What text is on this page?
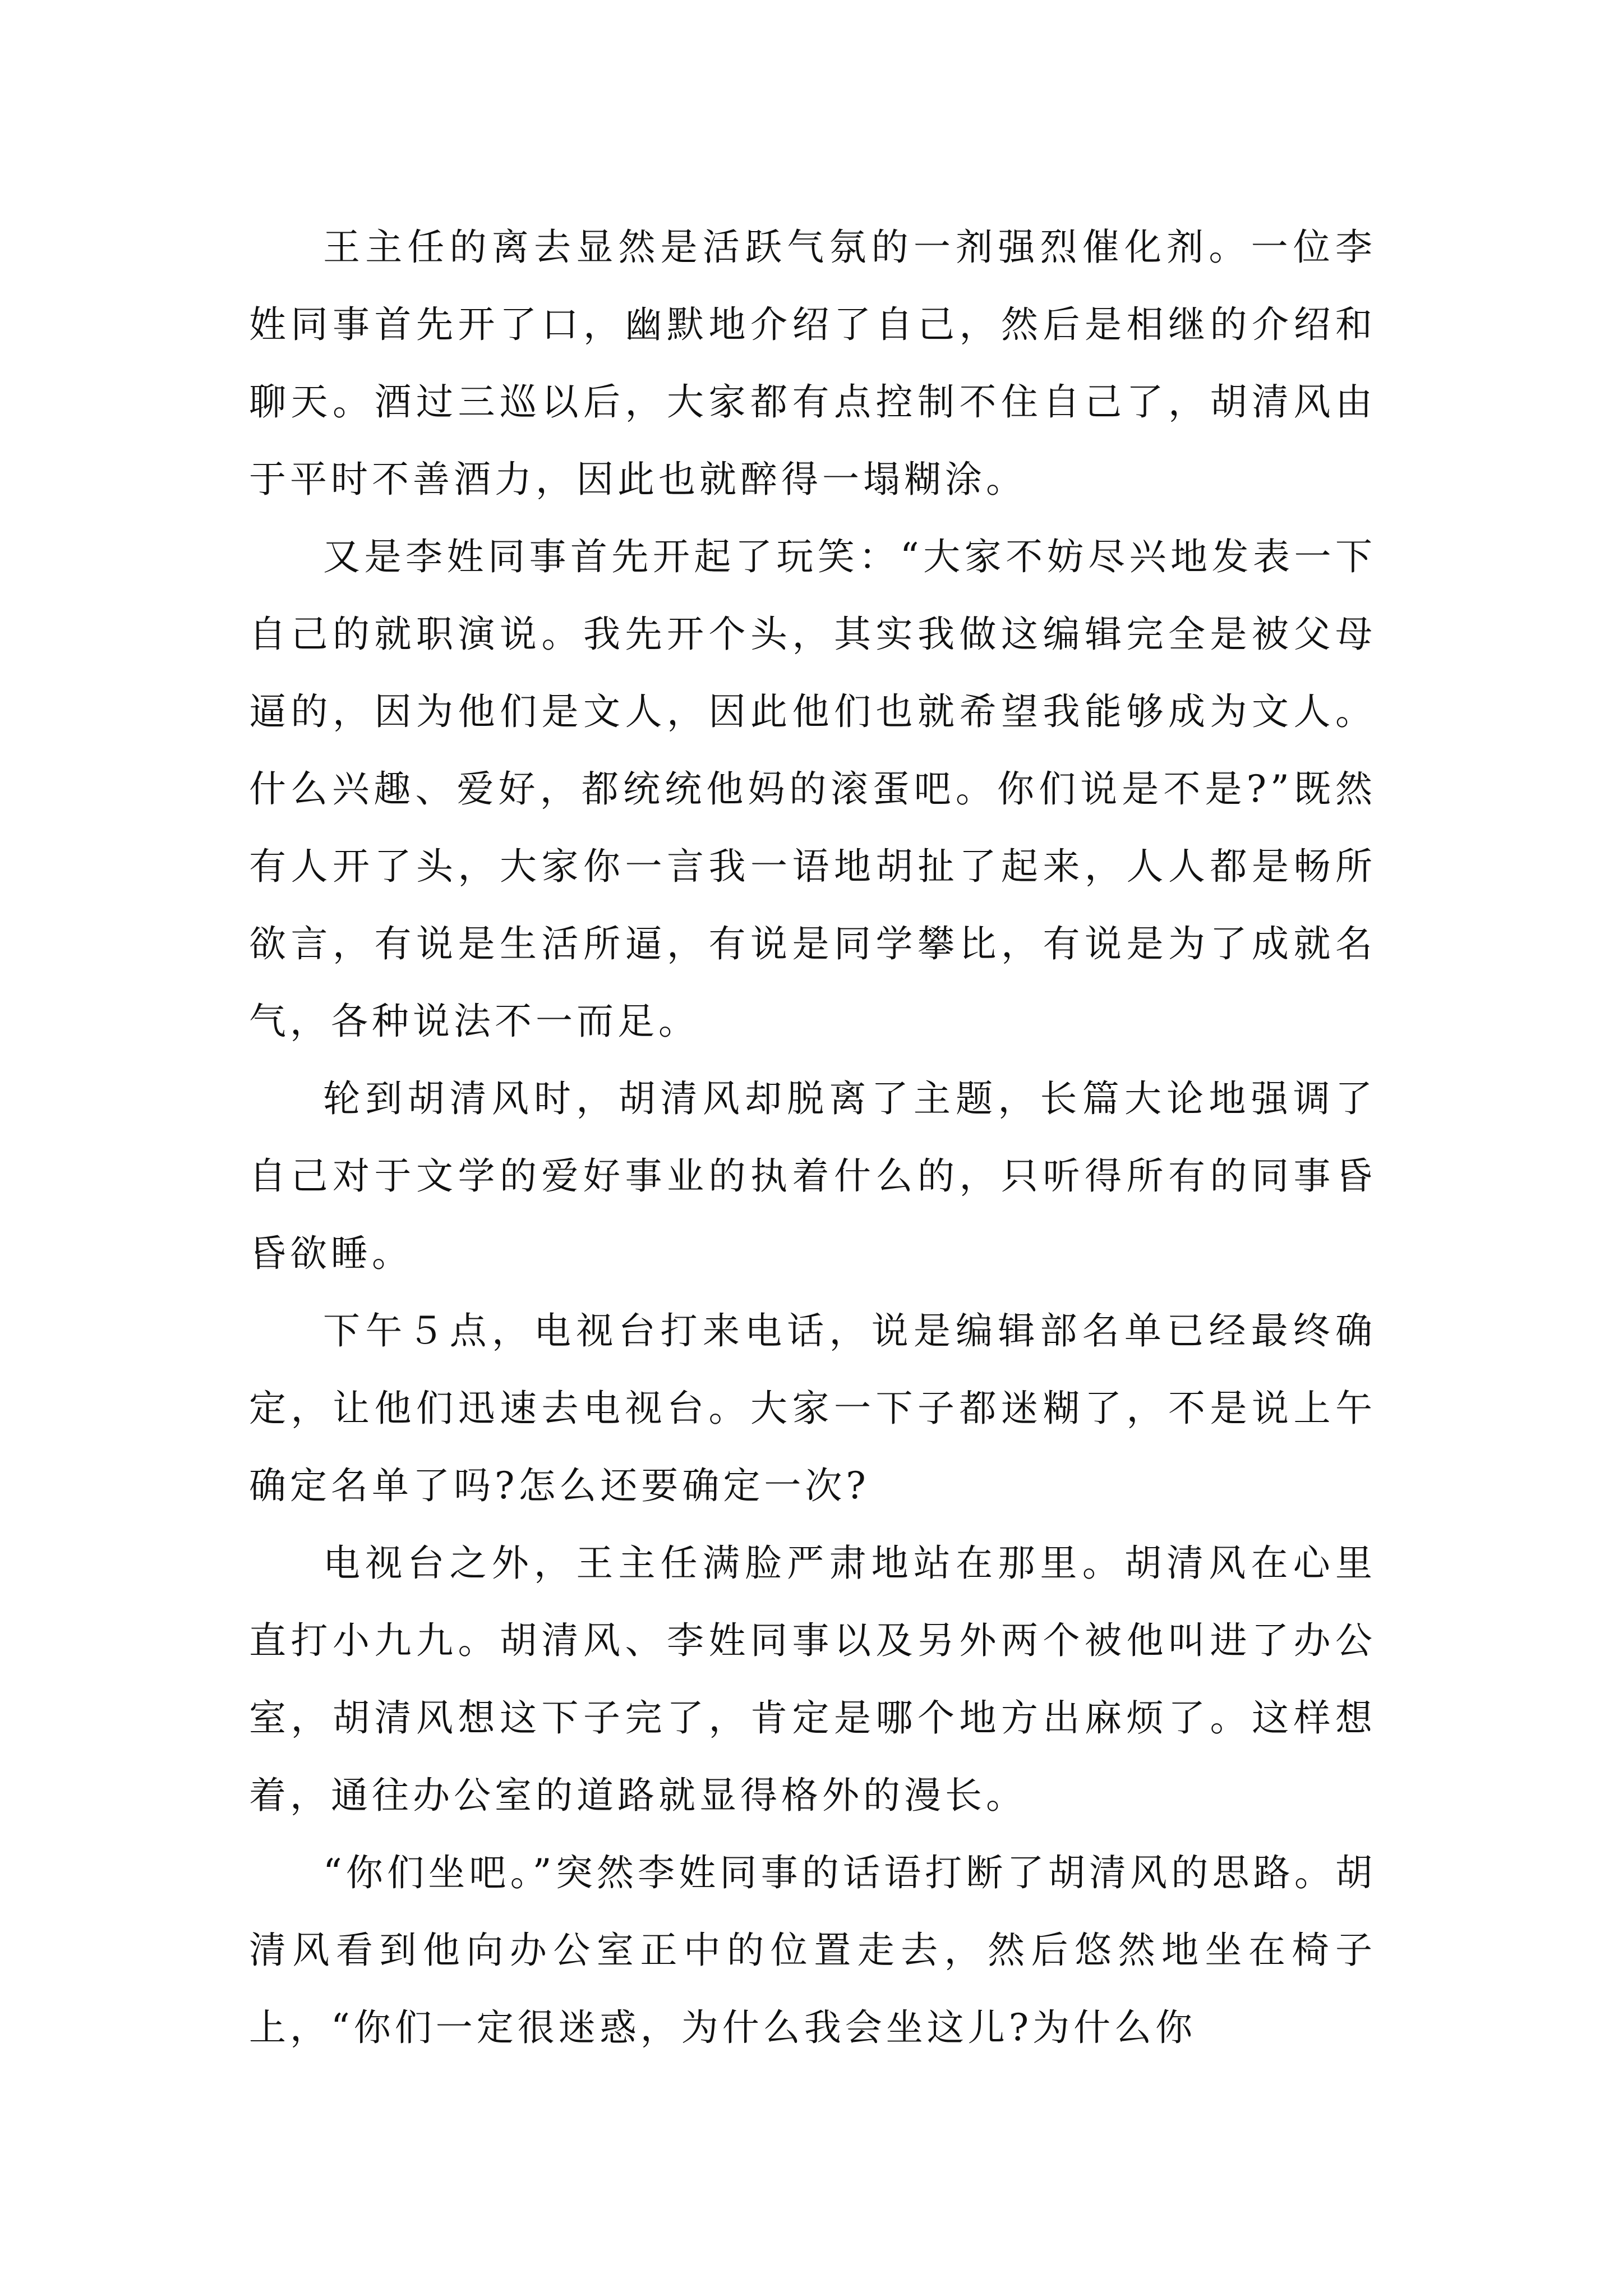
王主任的离去显然是活跃气氛的一剂强烈催化剂。一位李姓同事首先开了口，幽默地介绍了自己，然后是相继的介绍和聊天。酒过三巡以后，大家都有点控制不住自己了，胡清风由于平时不善酒力，因此也就醉得一塌糊涂。

又是李姓同事首先开起了玩笑：“大家不妨尽兴地发表一下自己的就职演说。我先开个头，其实我做这编辑完全是被父母逼的，因为他们是文人，因此他们也就希望我能够成为文人。什么兴趣、爱好，都统统他妈的滚蛋吧。你们说是不是?”既然有人开了头，大家你一言我一语地胡扯了起来，人人都是畅所欲言，有说是生活所逼，有说是同学攀比，有说是为了成就名气，各种说法不一而足。

轮到胡清风时，胡清风却脱离了主题，长篇大论地强调了自己对于文学的爱好事业的执着什么的，只听得所有的同事昏昏欲睡。

下午５点，电视台打来电话，说是编辑部名单已经最终确定，让他们迅速去电视台。大家一下子都迷糊了，不是说上午确定名单了吗?怎么还要确定一次?

电视台之外，王主任满脸严肃地站在那里。胡清风在心里直打小九九。胡清风、李姓同事以及另外两个被他叫进了办公室，胡清风想这下子完了，肯定是哪个地方出麻烦了。这样想着，通往办公室的道路就显得格外的漫长。

“你们坐吧。”突然李姓同事的话语打断了胡清风的思路。胡清风看到他向办公室正中的位置走去，然后悠然地坐在椅子上，“你们一定很迷惑，为什么我会坐这儿?为什么你
